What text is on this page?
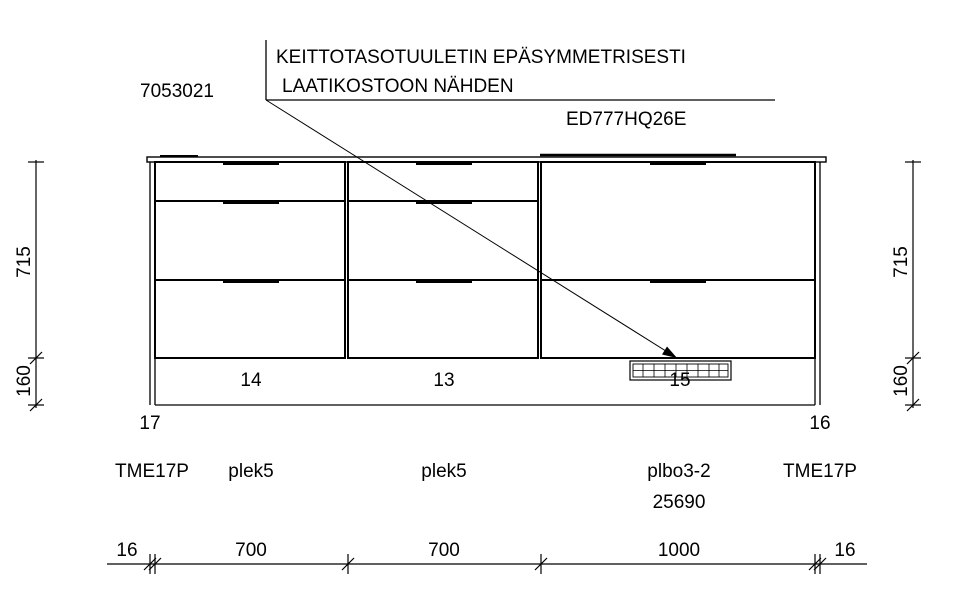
KEITTOTASOTUULETIN EPÄSYMMETRISESTI
LAATIKOSTOON NÄHDEN
ED777HQ26E
7053021
14	13	15
17	16
715
160
715
160
TME17P plek5	plek5	plbo3-2
25690
TME17P
16	700	700	1000	16
